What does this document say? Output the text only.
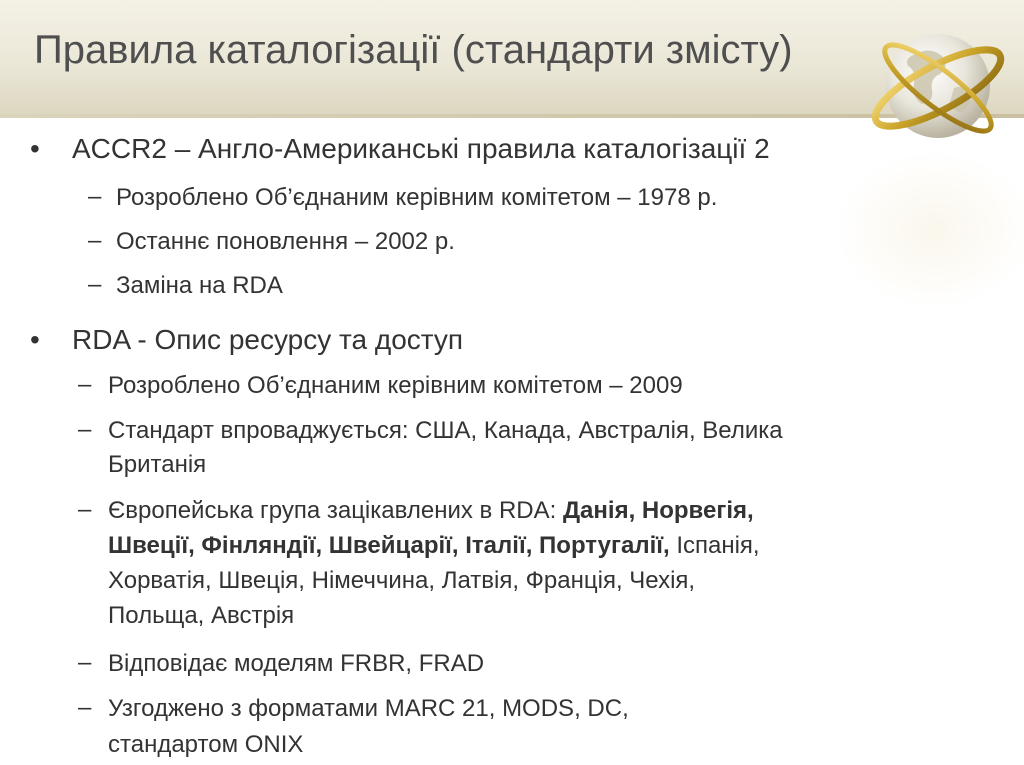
Правила каталогізації (стандарти змісту)
• ACCR2 – Англо-Американські правила каталогізації 2
– Розроблено Об’єднаним керівним комітетом – 1978 р.
– Останнє поновлення – 2002 р.
– Заміна на RDA
• RDA - Опис ресурсу та доступ
– Розроблено Об’єднаним керівним комітетом – 2009
– Стандарт впроваджується: США, Канада, Австралія, Велика
Британія
– Європейська група зацікавлених в RDA: Данія, Норвегія,
Швеції, Фінляндії, Швейцарії, Італії, Португалії, Іспанія,
Хорватія, Швеція, Німеччина, Латвія, Франція, Чехія,
Польща, Австрія
– Відповідає моделям FRBR, FRAD
– Узгоджено з форматами MARC 21, MODS, DC,
стандартом ONIX
